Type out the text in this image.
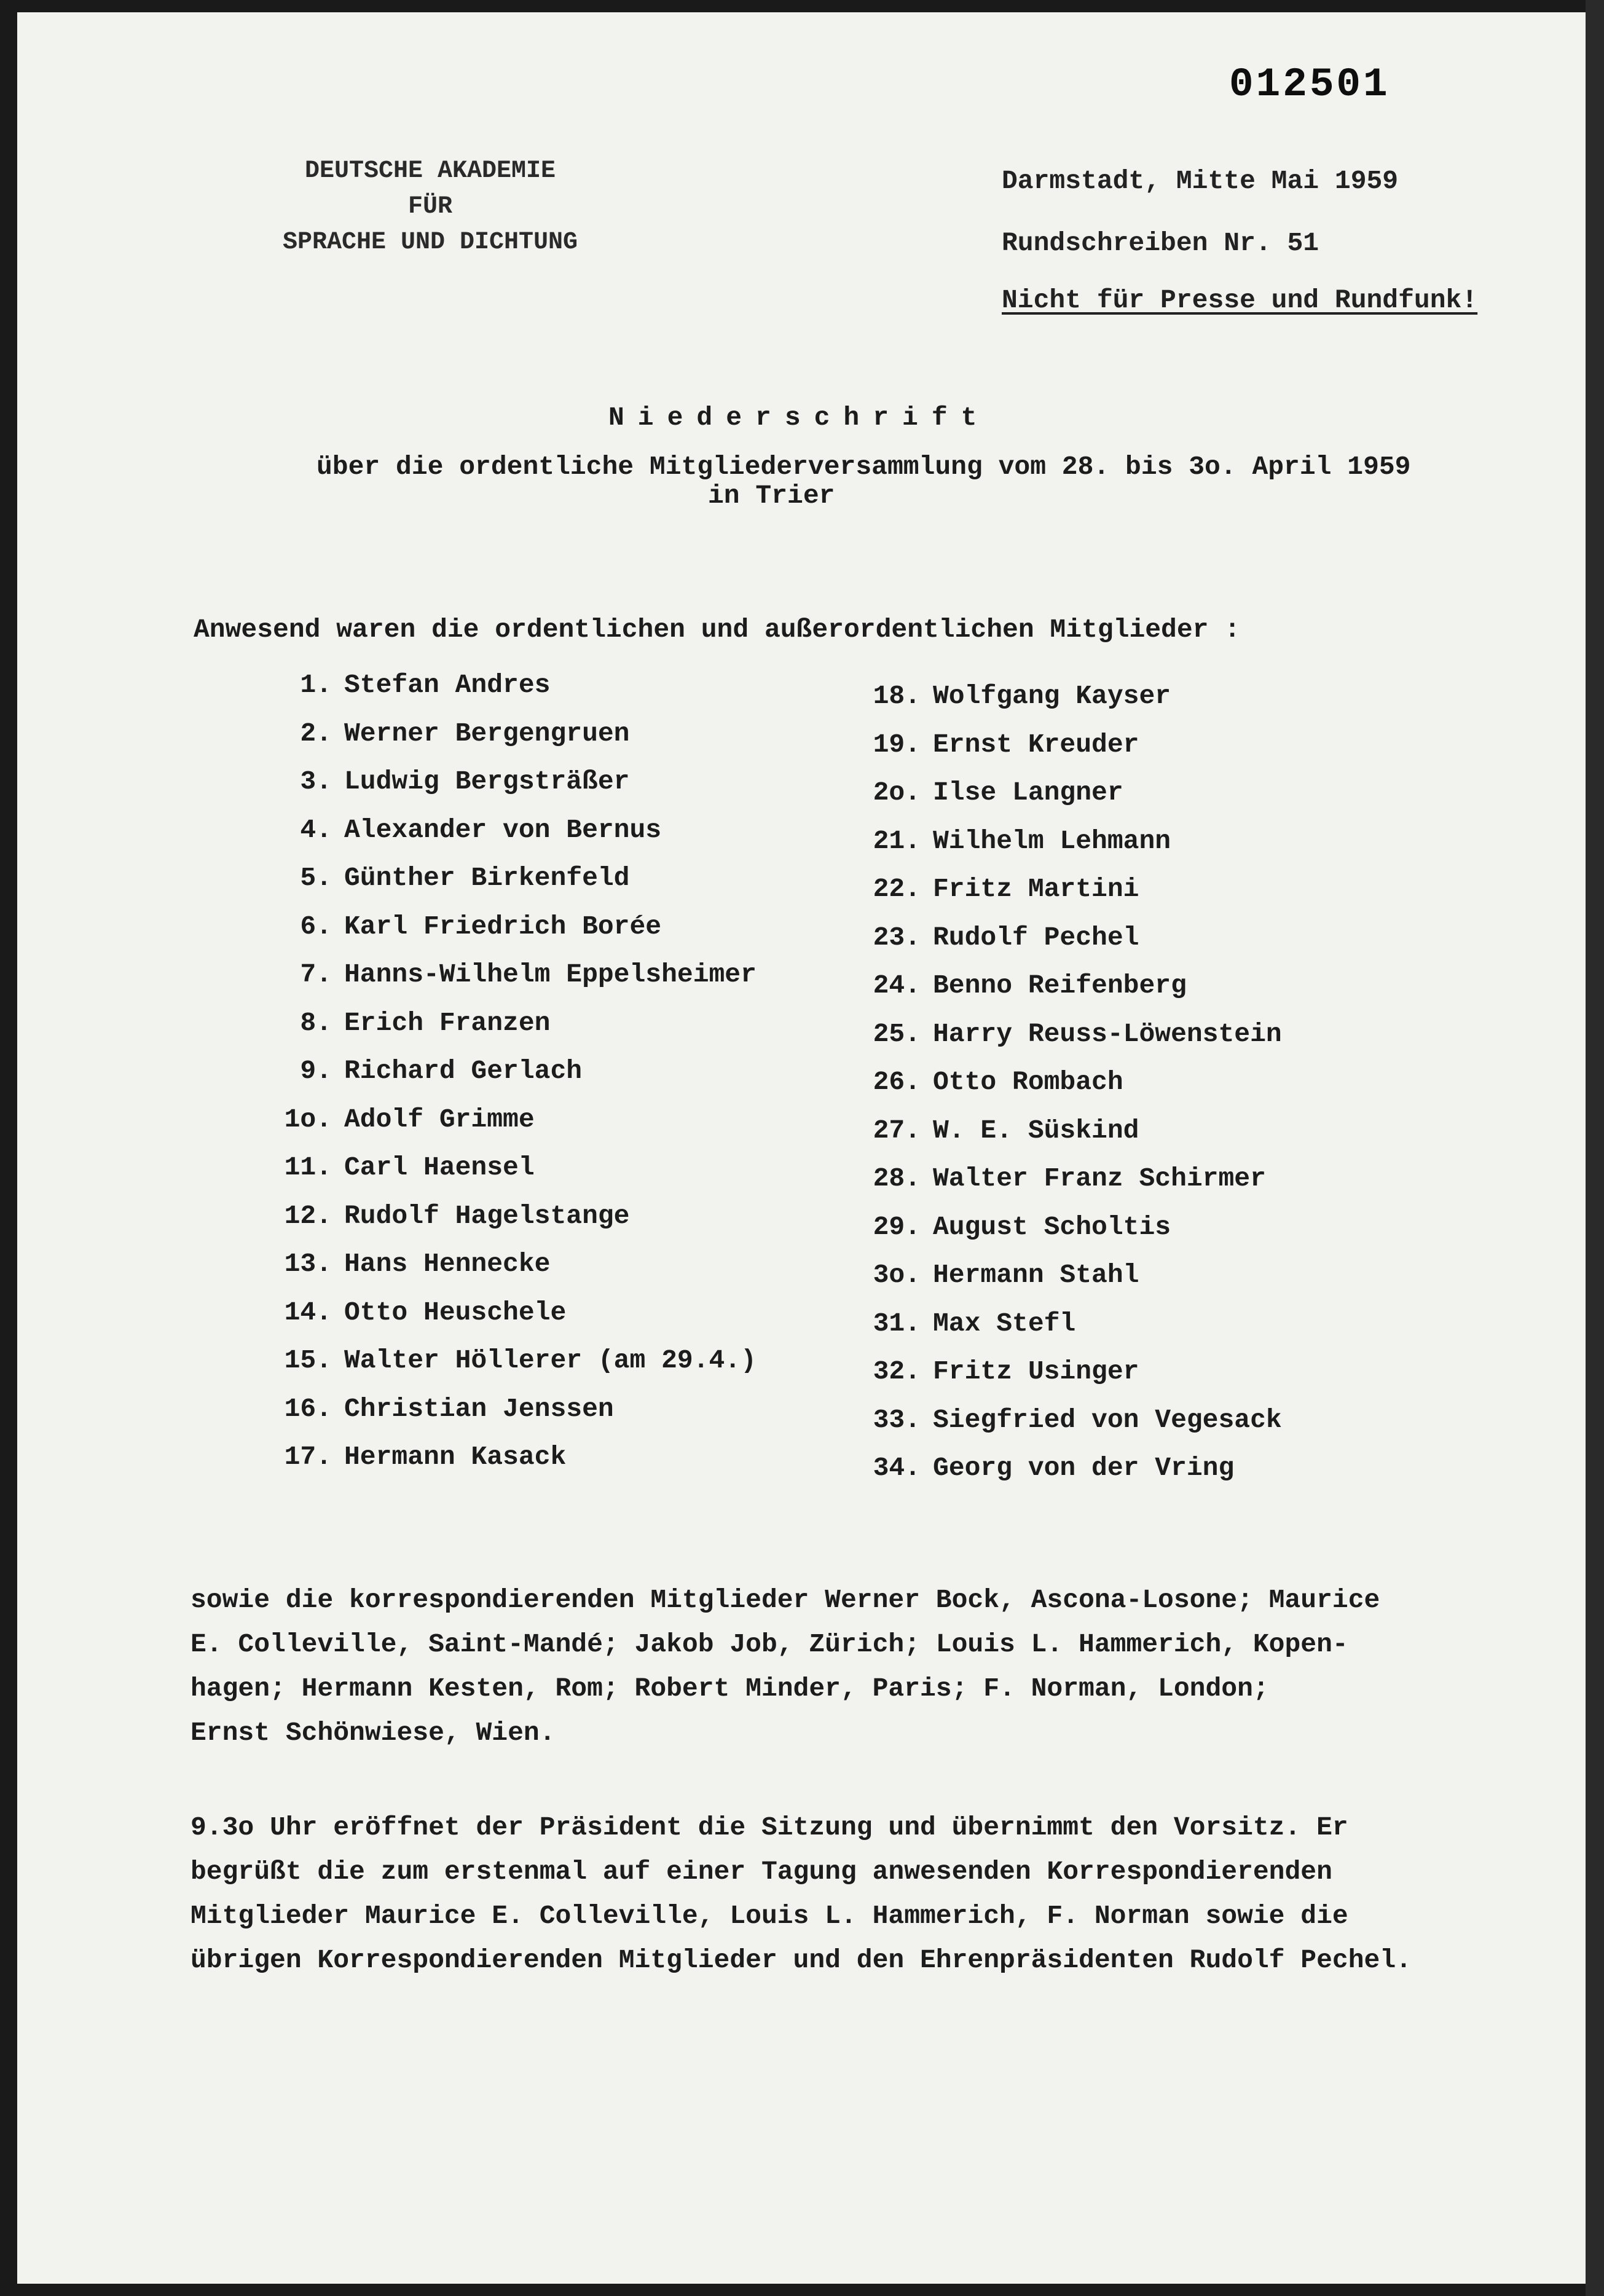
012501
DEUTSCHE AKADEMIE
FÜR
SPRACHE UND DICHTUNG
Darmstadt, Mitte Mai 1959
Rundschreiben Nr. 51
Nicht für Presse und Rundfunk!
Niederschrift
über die ordentliche Mitgliederversammlung vom 28. bis 3o. April 1959
in Trier
Anwesend waren die ordentlichen und außerordentlichen Mitglieder :
1. Stefan Andres
2. Werner Bergengruen
3. Ludwig Bergsträßer
4. Alexander von Bernus
5. Günther Birkenfeld
6. Karl Friedrich Borée
7. Hanns-Wilhelm Eppelsheimer
8. Erich Franzen
9. Richard Gerlach
1o. Adolf Grimme
11. Carl Haensel
12. Rudolf Hagelstange
13. Hans Hennecke
14. Otto Heuschele
15. Walter Höllerer (am 29.4.)
16. Christian Jenssen
17. Hermann Kasack
18. Wolfgang Kayser
19. Ernst Kreuder
2o. Ilse Langner
21. Wilhelm Lehmann
22. Fritz Martini
23. Rudolf Pechel
24. Benno Reifenberg
25. Harry Reuss-Löwenstein
26. Otto Rombach
27. W. E. Süskind
28. Walter Franz Schirmer
29. August Scholtis
3o. Hermann Stahl
31. Max Stefl
32. Fritz Usinger
33. Siegfried von Vegesack
34. Georg von der Vring
sowie die korrespondierenden Mitglieder Werner Bock, Ascona-Losone; Maurice
E. Colleville, Saint-Mandé; Jakob Job, Zürich; Louis L. Hammerich, Kopen-
hagen; Hermann Kesten, Rom; Robert Minder, Paris; F. Norman, London;
Ernst Schönwiese, Wien.
9.3o Uhr eröffnet der Präsident die Sitzung und übernimmt den Vorsitz. Er
begrüßt die zum erstenmal auf einer Tagung anwesenden Korrespondierenden
Mitglieder Maurice E. Colleville, Louis L. Hammerich, F. Norman sowie die
übrigen Korrespondierenden Mitglieder und den Ehrenpräsidenten Rudolf Pechel.
